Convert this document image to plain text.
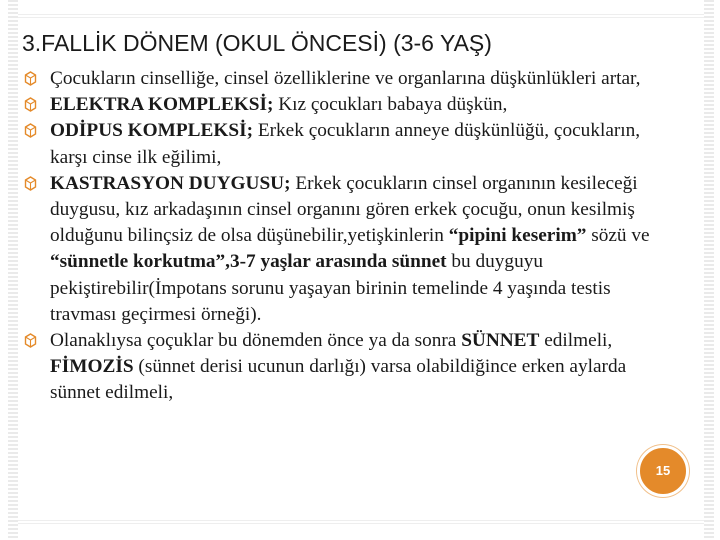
3.FALLİK DÖNEM (OKUL ÖNCESİ) (3-6 YAŞ)
Çocukların cinselliğe, cinsel özelliklerine ve organlarına düşkünlükleri artar,
ELEKTRA KOMPLEKSİ; Kız çocukları babaya düşkün,
ODİPUS KOMPLEKSİ; Erkek çocukların anneye düşkünlüğü, çocukların, karşı cinse ilk eğilimi,
KASTRASYON DUYGUSU; Erkek çocukların cinsel organının kesileceği duygusu, kız arkadaşının cinsel organını gören erkek çocuğu, onun kesilmiş olduğunu bilinçsiz de olsa düşünebilir,yetişkinlerin “pipini keserim” sözü ve “sünnetle korkutma”,3-7 yaşlar arasında sünnet bu duyguyu pekiştirebilir(İmpotans sorunu yaşayan birinin temelinde 4 yaşında testis travması geçirmesi örneği).
Olanaklıysa çoçuklar bu dönemden önce ya da sonra SÜNNET edilmeli, FİMOZİS (sünnet derisi ucunun darlığı) varsa olabildiğince erken aylarda sünnet edilmeli,
15
